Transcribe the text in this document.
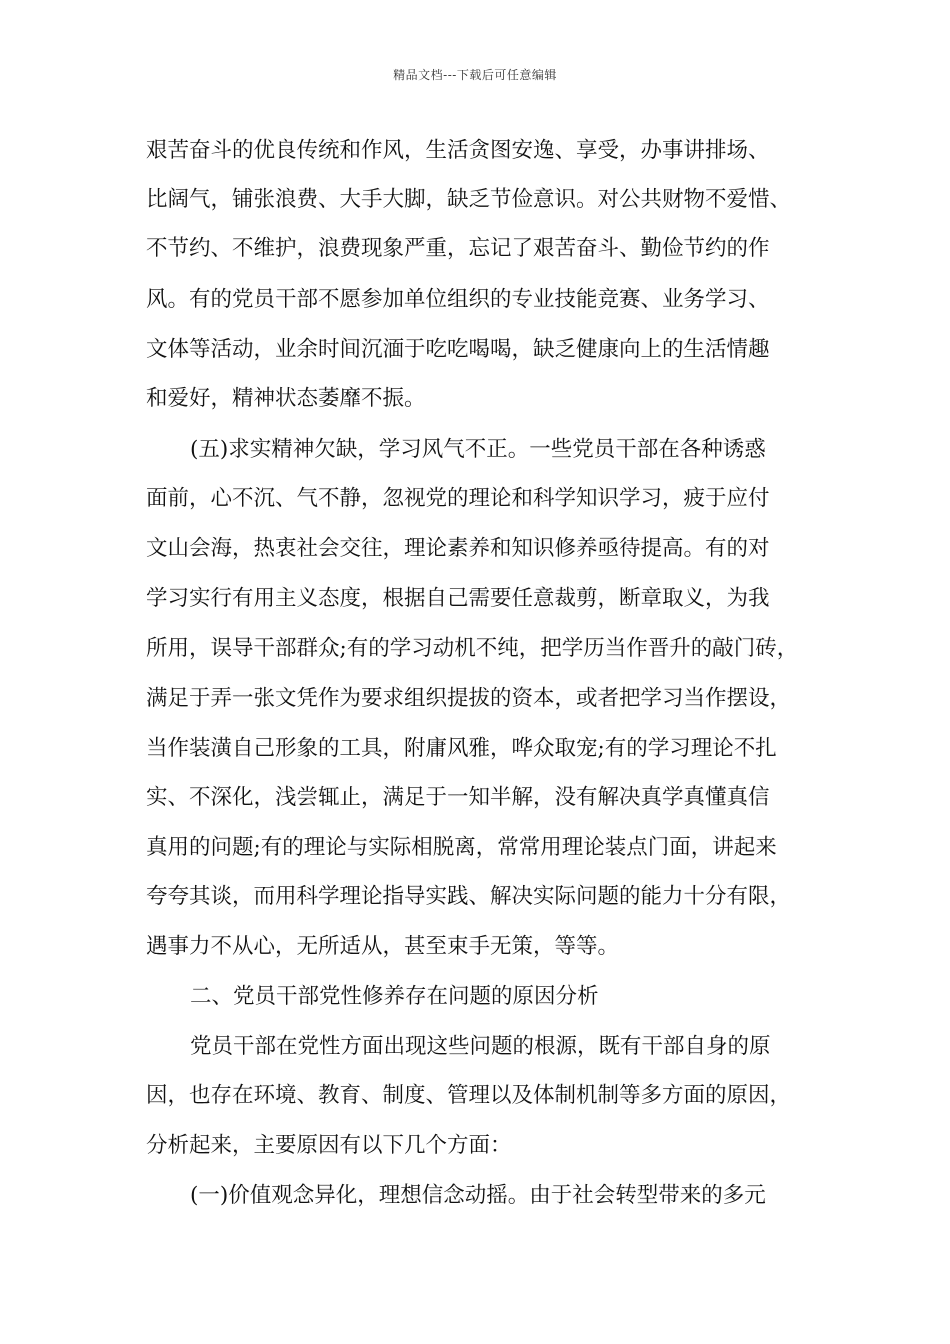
精品文档---下载后可任意编辑
艰苦奋斗的优良传统和作风，生活贪图安逸、享受，办事讲排场、
比阔气，铺张浪费、大手大脚，缺乏节俭意识。对公共财物不爱惜、
不节约、不维护，浪费现象严重，忘记了艰苦奋斗、勤俭节约的作
风。有的党员干部不愿参加单位组织的专业技能竞赛、业务学习、
文体等活动，业余时间沉湎于吃吃喝喝，缺乏健康向上的生活情趣
和爱好，精神状态萎靡不振。
(五)求实精神欠缺，学习风气不正。一些党员干部在各种诱惑
面前，心不沉、气不静，忽视党的理论和科学知识学习，疲于应付
文山会海，热衷社会交往，理论素养和知识修养亟待提高。有的对
学习实行有用主义态度，根据自己需要任意裁剪，断章取义，为我
所用，误导干部群众;有的学习动机不纯，把学历当作晋升的敲门砖，
满足于弄一张文凭作为要求组织提拔的资本，或者把学习当作摆设，
当作装潢自己形象的工具，附庸风雅，哗众取宠;有的学习理论不扎
实、不深化，浅尝辄止，满足于一知半解，没有解决真学真懂真信
真用的问题;有的理论与实际相脱离，常常用理论装点门面，讲起来
夸夸其谈，而用科学理论指导实践、解决实际问题的能力十分有限，
遇事力不从心，无所适从，甚至束手无策，等等。
二、党员干部党性修养存在问题的原因分析
党员干部在党性方面出现这些问题的根源，既有干部自身的原
因，也存在环境、教育、制度、管理以及体制机制等多方面的原因，
分析起来，主要原因有以下几个方面：
(一)价值观念异化，理想信念动摇。由于社会转型带来的多元
